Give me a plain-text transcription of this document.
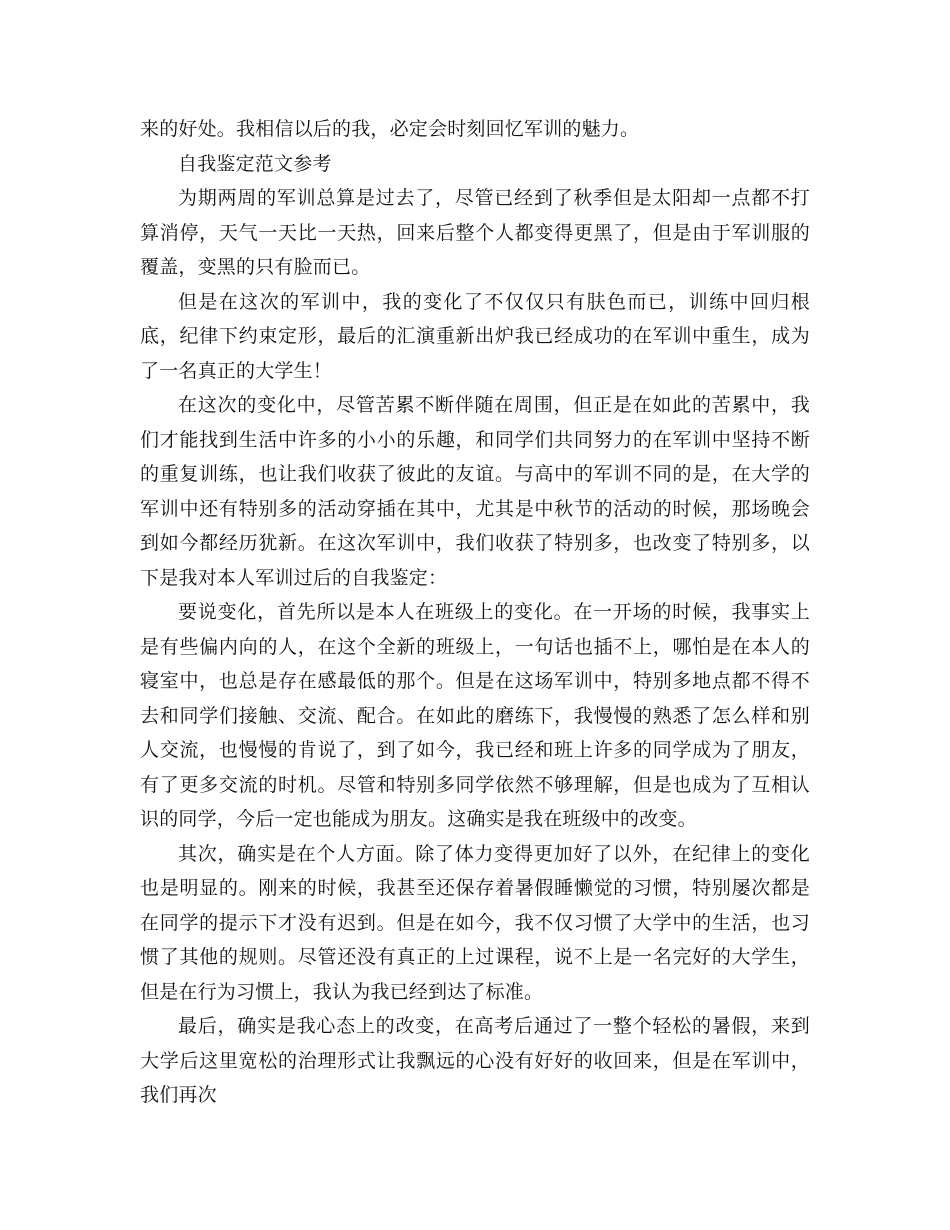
来的好处。我相信以后的我，必定会时刻回忆军训的魅力。

自我鉴定范文参考

为期两周的军训总算是过去了，尽管已经到了秋季但是太阳却一点都不打算消停，天气一天比一天热，回来后整个人都变得更黑了，但是由于军训服的覆盖，变黑的只有脸而已。

但是在这次的军训中，我的变化了不仅仅只有肤色而已，训练中回归根底，纪律下约束定形，最后的汇演重新出炉我已经成功的在军训中重生，成为了一名真正的大学生！

在这次的变化中，尽管苦累不断伴随在周围，但正是在如此的苦累中，我们才能找到生活中许多的小小的乐趣，和同学们共同努力的在军训中坚持不断的重复训练，也让我们收获了彼此的友谊。与高中的军训不同的是，在大学的军训中还有特别多的活动穿插在其中，尤其是中秋节的活动的时候，那场晚会到如今都经历犹新。在这次军训中，我们收获了特别多，也改变了特别多，以下是我对本人军训过后的自我鉴定：

要说变化，首先所以是本人在班级上的变化。在一开场的时候，我事实上是有些偏内向的人，在这个全新的班级上，一句话也插不上，哪怕是在本人的寝室中，也总是存在感最低的那个。但是在这场军训中，特别多地点都不得不去和同学们接触、交流、配合。在如此的磨练下，我慢慢的熟悉了怎么样和别人交流，也慢慢的肯说了，到了如今，我已经和班上许多的同学成为了朋友，有了更多交流的时机。尽管和特别多同学依然不够理解，但是也成为了互相认识的同学，今后一定也能成为朋友。这确实是我在班级中的改变。

其次，确实是在个人方面。除了体力变得更加好了以外，在纪律上的变化也是明显的。刚来的时候，我甚至还保存着暑假睡懒觉的习惯，特别屡次都是在同学的提示下才没有迟到。但是在如今，我不仅习惯了大学中的生活，也习惯了其他的规则。尽管还没有真正的上过课程，说不上是一名完好的大学生，但是在行为习惯上，我认为我已经到达了标准。

最后，确实是我心态上的改变，在高考后通过了一整个轻松的暑假，来到大学后这里宽松的治理形式让我飘远的心没有好好的收回来，但是在军训中，我们再次
